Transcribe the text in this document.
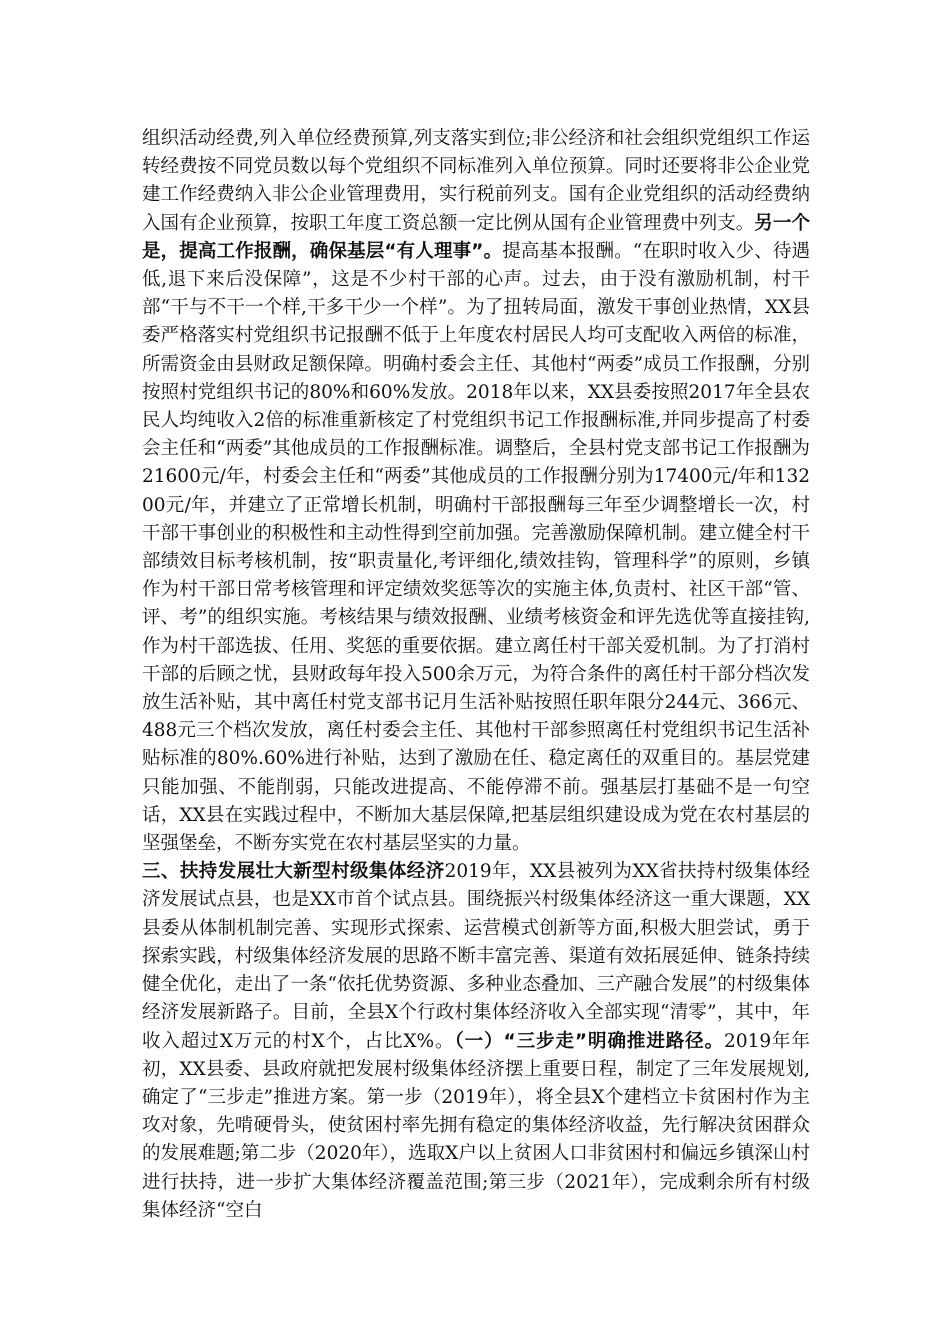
组织活动经费,列入单位经费预算,列支落实到位;非公经济和社会组织党组织工作运转经费按不同党员数以每个党组织不同标准列入单位预算。同时还要将非公企业党建工作经费纳入非公企业管理费用，实行税前列支。国有企业党组织的活动经费纳入国有企业预算，按职工年度工资总额一定比例从国有企业管理费中列支。另一个是，提高工作报酬，确保基层“有人理事”。提高基本报酬。“在职时收入少、待遇低,退下来后没保障”，这是不少村干部的心声。过去，由于没有激励机制，村干部“干与不干一个样,干多干少一个样”。为了扭转局面，激发干事创业热情，XX县委严格落实村党组织书记报酬不低于上年度农村居民人均可支配收入两倍的标准，所需资金由县财政足额保障。明确村委会主任、其他村“两委”成员工作报酬，分别按照村党组织书记的80%和60%发放。2018年以来，XX县委按照2017年全县农民人均纯收入2倍的标准重新核定了村党组织书记工作报酬标准,并同步提高了村委会主任和“两委”其他成员的工作报酬标准。调整后，全县村党支部书记工作报酬为21600元/年，村委会主任和“两委”其他成员的工作报酬分别为17400元/年和13200元/年，并建立了正常增长机制，明确村干部报酬每三年至少调整增长一次，村干部干事创业的积极性和主动性得到空前加强。完善激励保障机制。建立健全村干部绩效目标考核机制，按“职责量化,考评细化,绩效挂钩，管理科学”的原则，乡镇作为村干部日常考核管理和评定绩效奖惩等次的实施主体,负责村、社区干部“管、评、考”的组织实施。考核结果与绩效报酬、业绩考核资金和评先选优等直接挂钩,作为村干部选拔、任用、奖惩的重要依据。建立离任村干部关爱机制。为了打消村干部的后顾之忧，县财政每年投入500余万元，为符合条件的离任村干部分档次发放生活补贴，其中离任村党支部书记月生活补贴按照任职年限分244元、366元、488元三个档次发放，离任村委会主任、其他村干部参照离任村党组织书记生活补贴标准的80%.60%进行补贴，达到了激励在任、稳定离任的双重目的。基层党建只能加强、不能削弱，只能改进提高、不能停滞不前。强基层打基础不是一句空话，XX县在实践过程中，不断加大基层保障,把基层组织建设成为党在农村基层的坚强堡垒，不断夯实党在农村基层坚实的力量。

三、扶持发展壮大新型村级集体经济2019年，XX县被列为XX省扶持村级集体经济发展试点县，也是XX市首个试点县。围绕振兴村级集体经济这一重大课题，XX县委从体制机制完善、实现形式探索、运营模式创新等方面,积极大胆尝试，勇于探索实践，村级集体经济发展的思路不断丰富完善、渠道有效拓展延伸、链条持续健全优化，走出了一条“依托优势资源、多种业态叠加、三产融合发展”的村级集体经济发展新路子。目前，全县X个行政村集体经济收入全部实现“清零”，其中，年收入超过X万元的村X个，占比X%。（一）“三步走”明确推进路径。2019年年初，XX县委、县政府就把发展村级集体经济摆上重要日程，制定了三年发展规划,确定了“三步走”推进方案。第一步（2019年），将全县X个建档立卡贫困村作为主攻对象，先啃硬骨头，使贫困村率先拥有稳定的集体经济收益，先行解决贫困群众的发展难题;第二步（2020年），选取X户以上贫困人口非贫困村和偏远乡镇深山村进行扶持，进一步扩大集体经济覆盖范围;第三步（2021年），完成剩余所有村级集体经济“空白
